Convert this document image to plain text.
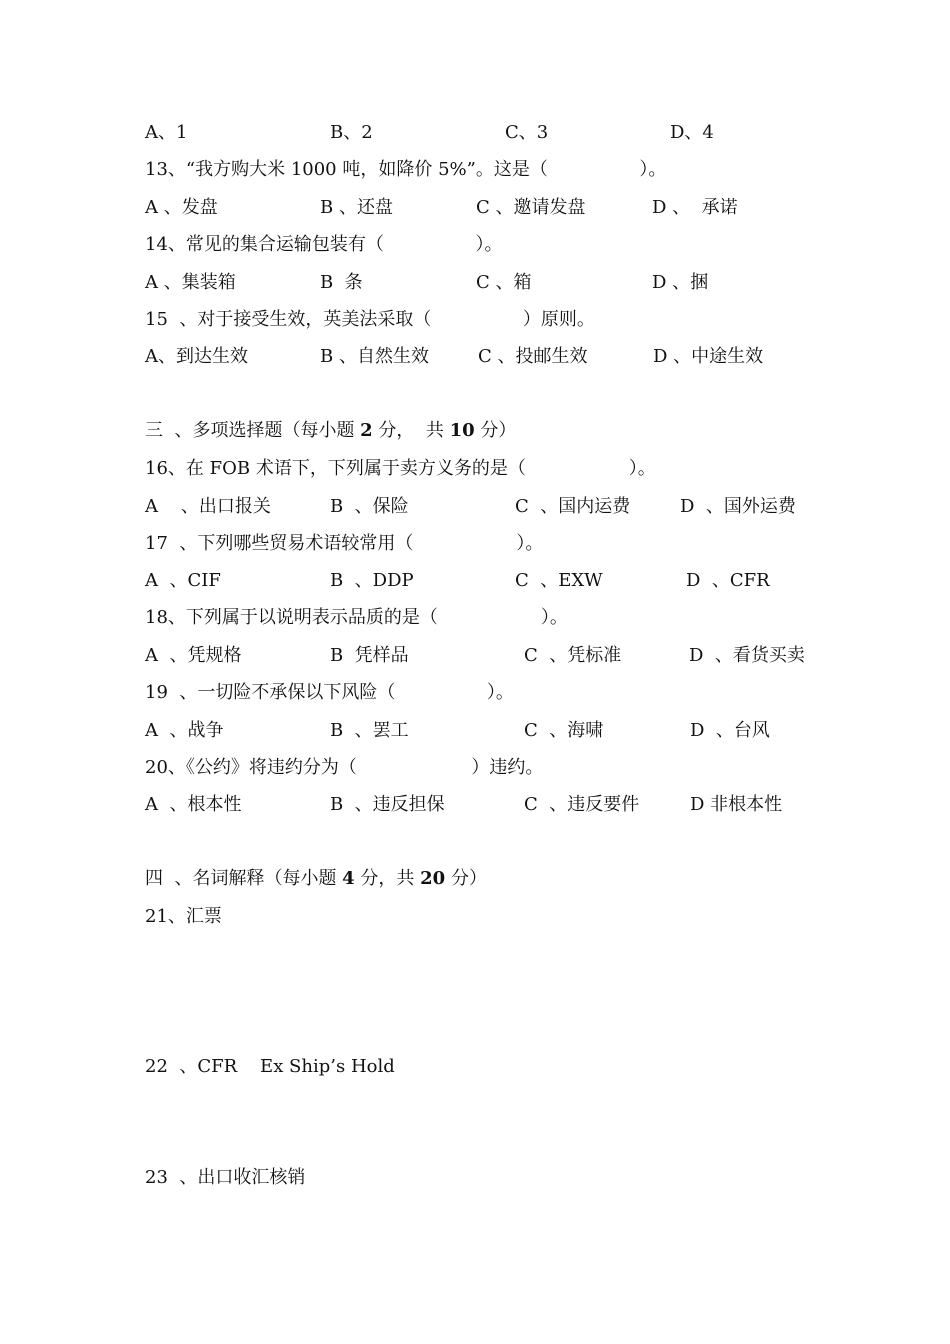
A、1	B、2	C、3	D、4
13、“我方购大米 1000 吨，如降价 5%”。这是（                ）。
A 、发盘	B 、还盘	C 、邀请发盘	D 、  承诺
14、常见的集合运输包装有（                ）。
A 、集装箱	B  条	C 、箱	D 、捆
15  、对于接受生效，英美法采取（                ）原则。
A、到达生效	B 、自然生效	C 、投邮生效	D 、中途生效
三  、多项选择题（每小题 2 分，  共 10 分）
16、在 FOB 术语下，下列属于卖方义务的是（                  ）。
A    、出口报关	B  、保险	C  、国内运费	D  、国外运费
17  、下列哪些贸易术语较常用（                  ）。
A  、CIF	B  、DDP	C  、EXW	D  、CFR
18、下列属于以说明表示品质的是（                  ）。
A  、凭规格	B  凭样品	C  、凭标准	D  、看货买卖
19  、一切险不承保以下风险（                ）。
A  、战争	B  、罢工	C  、海啸	D  、台风
20、《公约》将违约分为（                    ）违约。
A  、根本性	B  、违反担保	C  、违反要件	D 非根本性
四  、名词解释（每小题 4 分，共 20 分）
21、汇票
22  、CFR    Ex Ship’s Hold
23  、出口收汇核销
